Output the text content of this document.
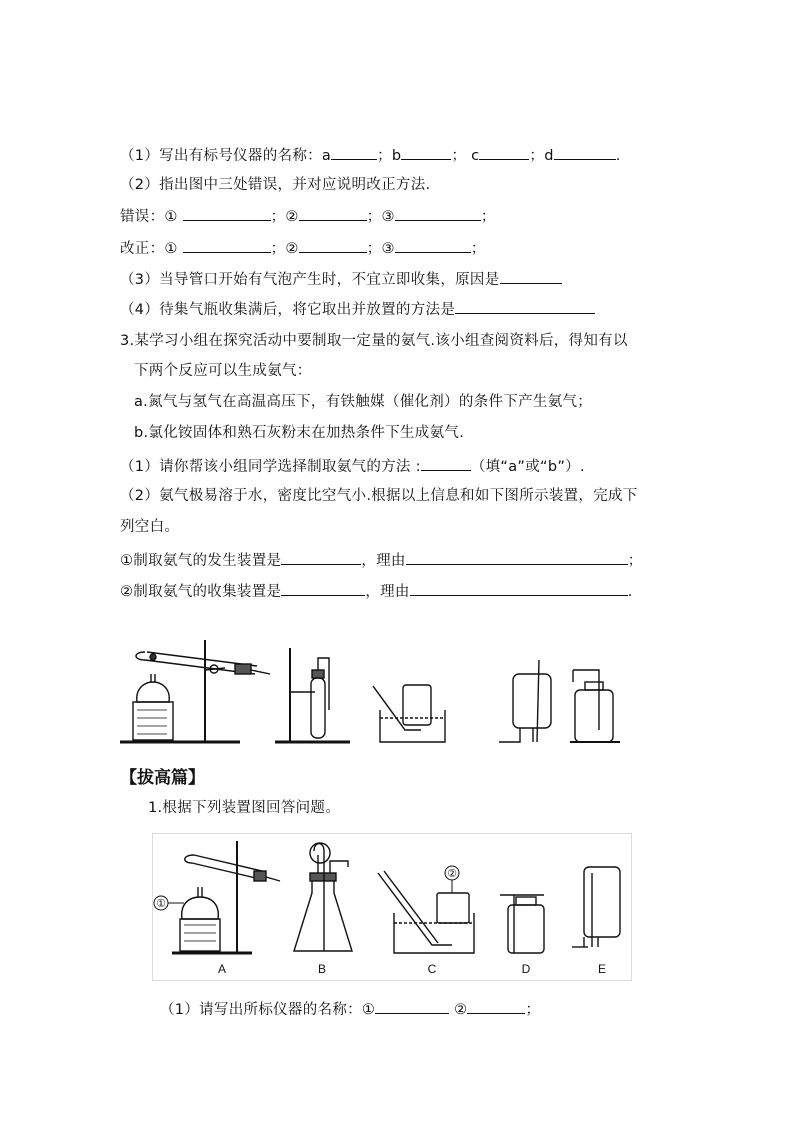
（1）写出有标号仪器的名称：a	；b	； c	；d	.
（2）指出图中三处错误，并对应说明改正方法.
错误：①	；②	；③	；
改正：①	；②	；③	；
（3）当导管口开始有气泡产生时，不宜立即收集，原因是
（4）待集气瓶收集满后，将它取出并放置的方法是
3.某学习小组在探究活动中要制取一定量的氨气.该小组查阅资料后，得知有以
下两个反应可以生成氨气：
a.氮气与氢气在高温高压下，有铁触媒（催化剂）的条件下产生氨气；
b.氯化铵固体和熟石灰粉末在加热条件下生成氨气.
（1）请你帮该小组同学选择制取氨气的方法 :	（填“a”或“b”）.
（2）氨气极易溶于水，密度比空气小.根据以上信息和如下图所示装置，完成下
列空白。
①制取氨气的发生装置是	，理由	；
②制取氨气的收集装置是	，理由	.
【拔高篇】
1.根据下列装置图回答问题。
①
②
A	B	C	D	E
（1）请写出所标仪器的名称：①	②	；
